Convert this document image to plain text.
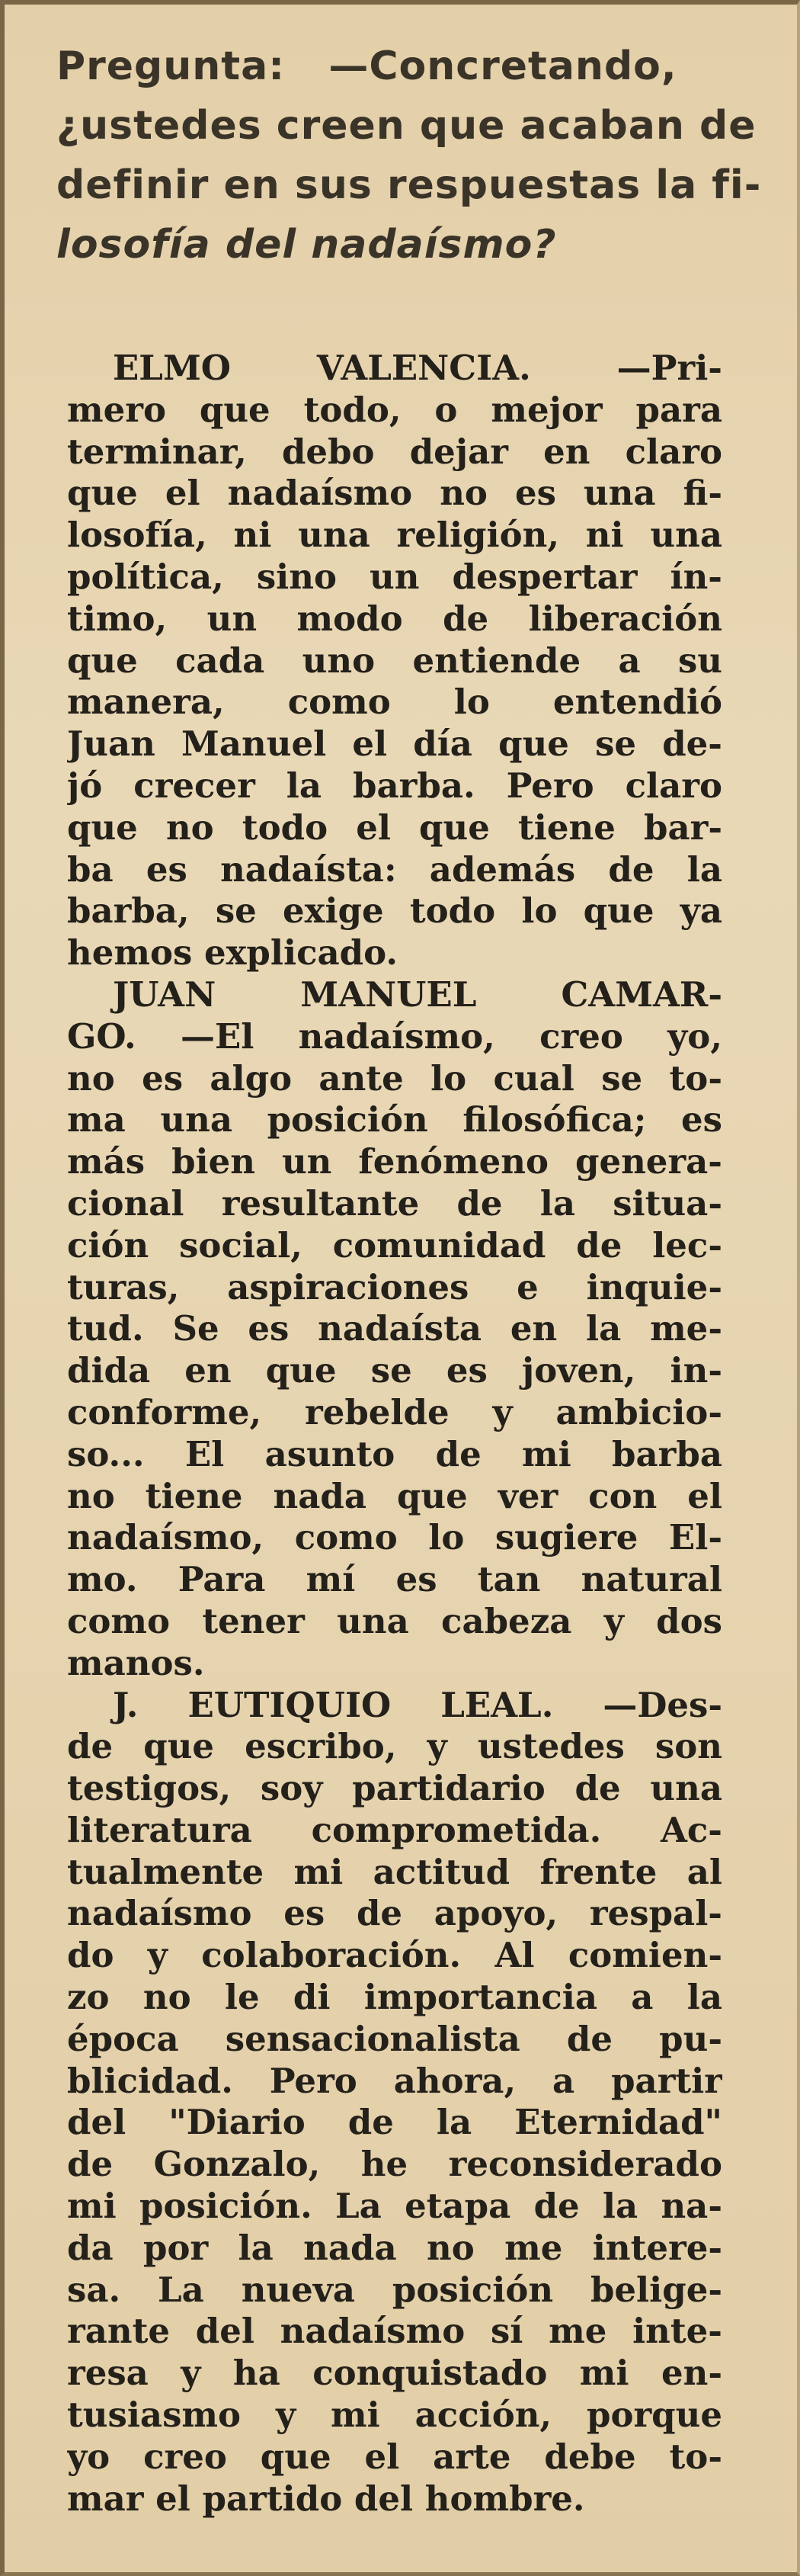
Pregunta:   —Concretando,
¿ustedes creen que acaban de
definir en sus respuestas la fi-
losofía del nadaísmo?
ELMO VALENCIA. —Pri-
mero que todo, o mejor para
terminar, debo dejar en claro
que el nadaísmo no es una fi-
losofía, ni una religión, ni una
política, sino un despertar ín-
timo, un modo de liberación
que cada uno entiende a su
manera, como lo entendió
Juan Manuel el día que se de-
jó crecer la barba. Pero claro
que no todo el que tiene bar-
ba es nadaísta: además de la
barba, se exige todo lo que ya
hemos explicado.
JUAN MANUEL CAMAR-
GO. —El nadaísmo, creo yo,
no es algo ante lo cual se to-
ma una posición filosófica; es
más bien un fenómeno genera-
cional resultante de la situa-
ción social, comunidad de lec-
turas, aspiraciones e inquie-
tud. Se es nadaísta en la me-
dida en que se es joven, in-
conforme, rebelde y ambicio-
so... El asunto de mi barba
no tiene nada que ver con el
nadaísmo, como lo sugiere El-
mo. Para mí es tan natural
como tener una cabeza y dos
manos.
J. EUTIQUIO LEAL. —Des-
de que escribo, y ustedes son
testigos, soy partidario de una
literatura comprometida. Ac-
tualmente mi actitud frente al
nadaísmo es de apoyo, respal-
do y colaboración. Al comien-
zo no le di importancia a la
época sensacionalista de pu-
blicidad. Pero ahora, a partir
del "Diario de la Eternidad"
de Gonzalo, he reconsiderado
mi posición. La etapa de la na-
da por la nada no me intere-
sa. La nueva posición belige-
rante del nadaísmo sí me inte-
resa y ha conquistado mi en-
tusiasmo y mi acción, porque
yo creo que el arte debe to-
mar el partido del hombre.
